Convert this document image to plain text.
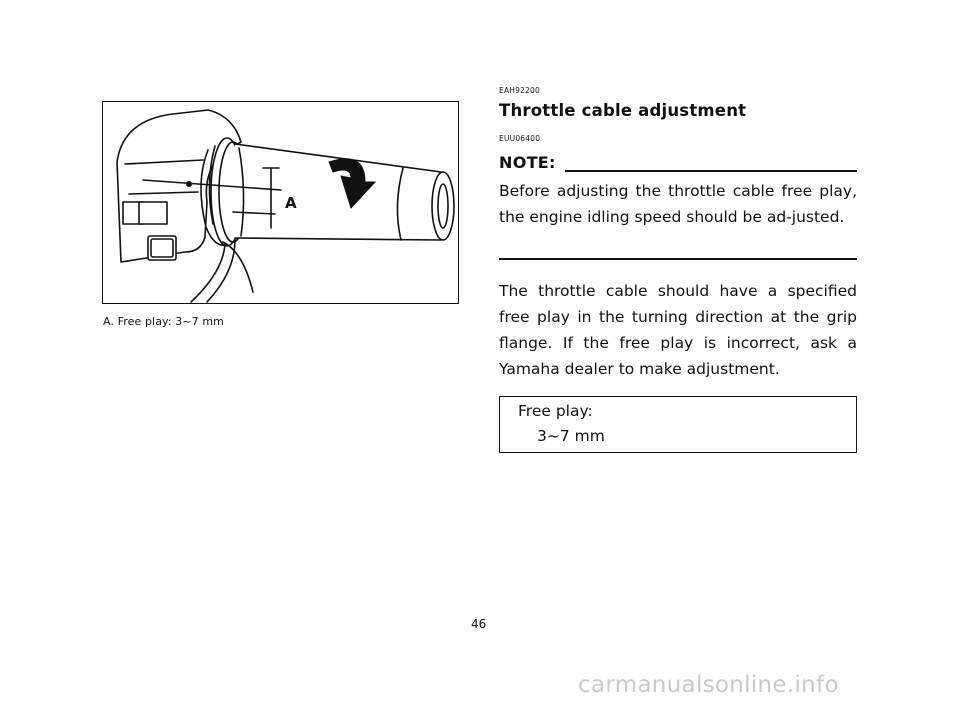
A
A. Free play: 3~7 mm
EAH92200
Throttle cable adjustment
EUU06400
NOTE:
Before adjusting the throttle cable free play, the engine idling speed should be ad-justed.
The throttle cable should have a specified free play in the turning direction at the grip flange. If the free play is incorrect, ask a Yamaha dealer to make adjustment.
Free play:
3~7 mm
46
carmanualsonline.info
